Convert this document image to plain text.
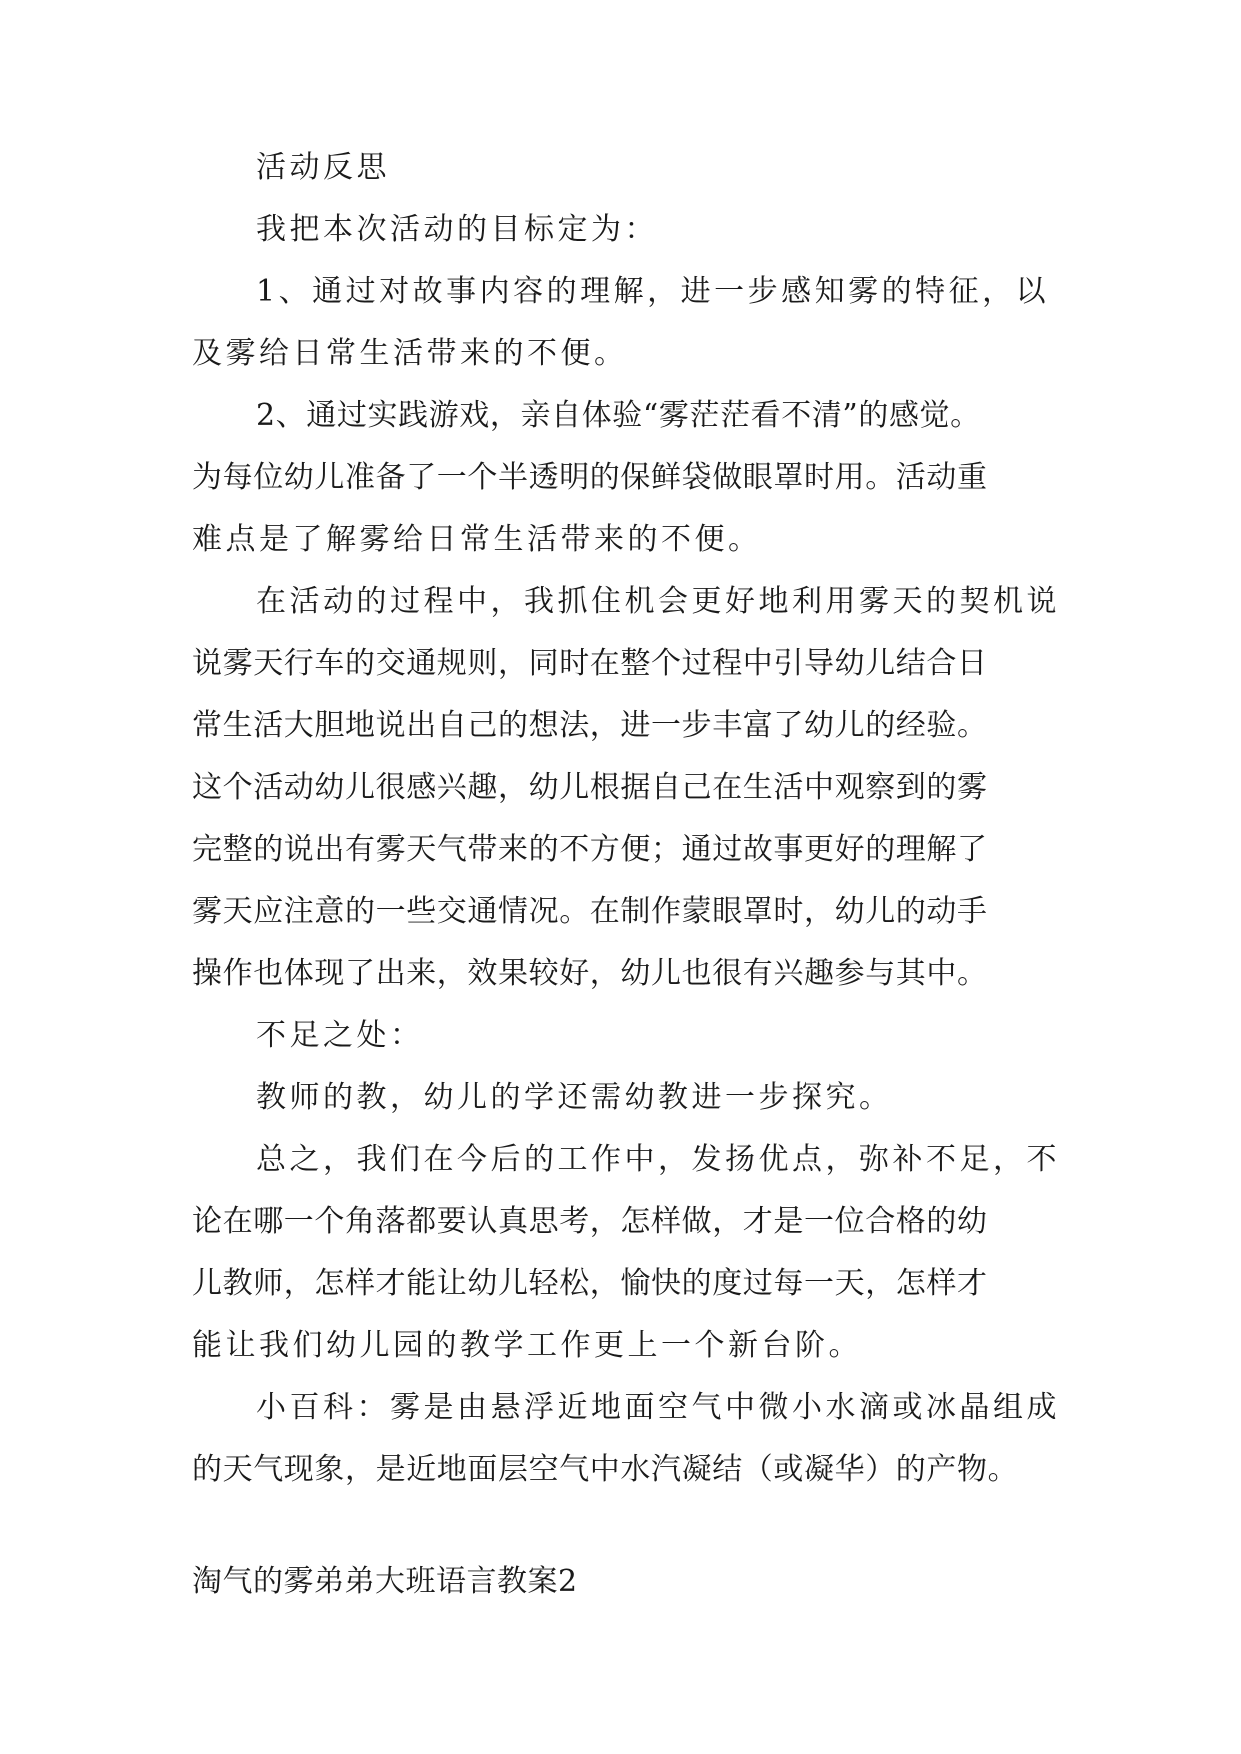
活动反思
我把本次活动的目标定为：
1、通过对故事内容的理解，进一步感知雾的特征，以
及雾给日常生活带来的不便。
2、通过实践游戏，亲自体验“雾茫茫看不清”的感觉。
为每位幼儿准备了一个半透明的保鲜袋做眼罩时用。活动重
难点是了解雾给日常生活带来的不便。
在活动的过程中，我抓住机会更好地利用雾天的契机说
说雾天行车的交通规则，同时在整个过程中引导幼儿结合日
常生活大胆地说出自己的想法，进一步丰富了幼儿的经验。
这个活动幼儿很感兴趣，幼儿根据自己在生活中观察到的雾
完整的说出有雾天气带来的不方便；通过故事更好的理解了
雾天应注意的一些交通情况。在制作蒙眼罩时，幼儿的动手
操作也体现了出来，效果较好，幼儿也很有兴趣参与其中。
不足之处：
教师的教，幼儿的学还需幼教进一步探究。
总之，我们在今后的工作中，发扬优点，弥补不足，不
论在哪一个角落都要认真思考，怎样做，才是一位合格的幼
儿教师，怎样才能让幼儿轻松，愉快的度过每一天，怎样才
能让我们幼儿园的教学工作更上一个新台阶。
小百科：雾是由悬浮近地面空气中微小水滴或冰晶组成
的天气现象，是近地面层空气中水汽凝结（或凝华）的产物。
淘气的雾弟弟大班语言教案2
